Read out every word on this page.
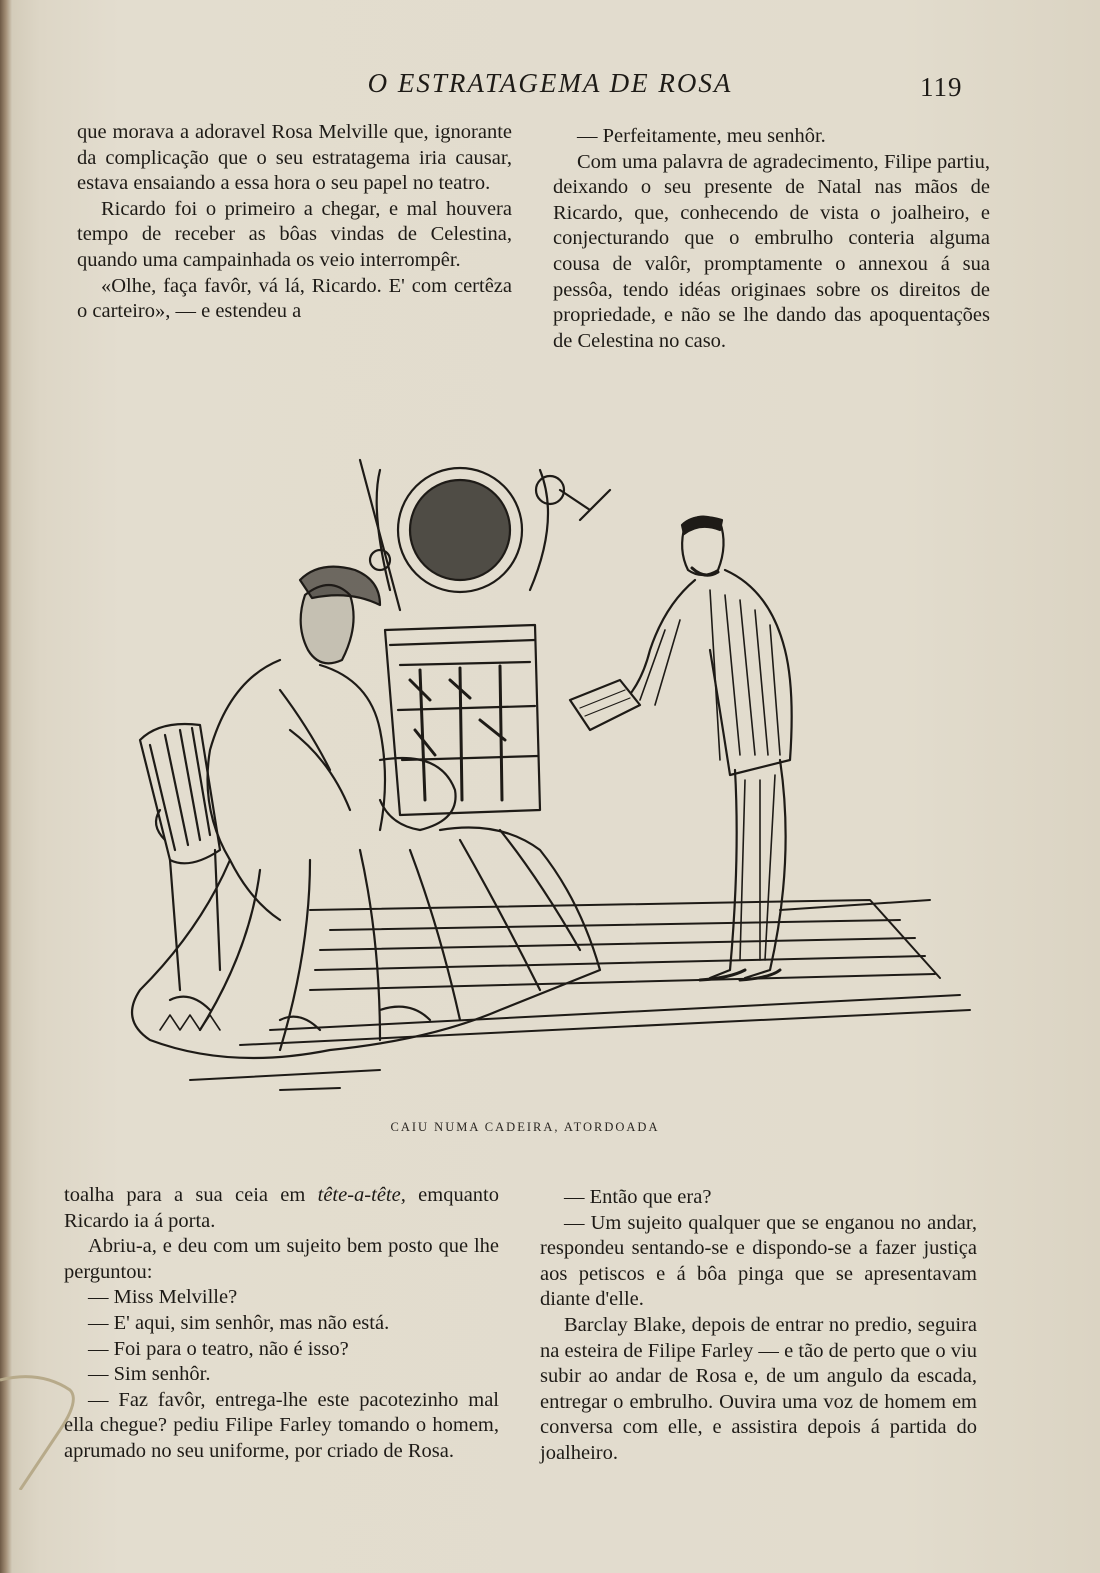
O ESTRATAGEMA DE ROSA	119

que morava a adoravel Rosa Melville que, ignorante da complicação que o seu estratagema iria causar, estava ensaiando a essa hora o seu papel no teatro.

Ricardo foi o primeiro a chegar, e mal houvera tempo de receber as bôas vindas de Celestina, quando uma campainhada os veio interrompêr.

«Olhe, faça favôr, vá lá, Ricardo. E' com certêza o carteiro», — e estendeu a

— Perfeitamente, meu senhôr.

Com uma palavra de agradecimento, Filipe partiu, deixando o seu presente de Natal nas mãos de Ricardo, que, conhecendo de vista o joalheiro, e conjecturando que o embrulho conteria alguma cousa de valôr, promptamente o annexou á sua pessôa, tendo idéas originaes sobre os direitos de propriedade, e não se lhe dando das apoquentações de Celestina no caso.

CAIU NUMA CADEIRA, ATORDOADA

toalha para a sua ceia em tête-a-tête, emquanto Ricardo ia á porta.

Abriu-a, e deu com um sujeito bem posto que lhe perguntou:

— Miss Melville?

— E' aqui, sim senhôr, mas não está.

— Foi para o teatro, não é isso?

— Sim senhôr.

— Faz favôr, entrega-lhe este pacotezinho mal ella chegue? pediu Filipe Farley tomando o homem, aprumado no seu uniforme, por criado de Rosa.

— Então que era?

— Um sujeito qualquer que se enganou no andar, respondeu sentando-se e dispondo-se a fazer justiça aos petiscos e á bôa pinga que se apresentavam diante d'elle.

Barclay Blake, depois de entrar no predio, seguira na esteira de Filipe Farley — e tão de perto que o viu subir ao andar de Rosa e, de um angulo da escada, entregar o embrulho. Ouvira uma voz de homem em conversa com elle, e assistira depois á partida do joalheiro.
